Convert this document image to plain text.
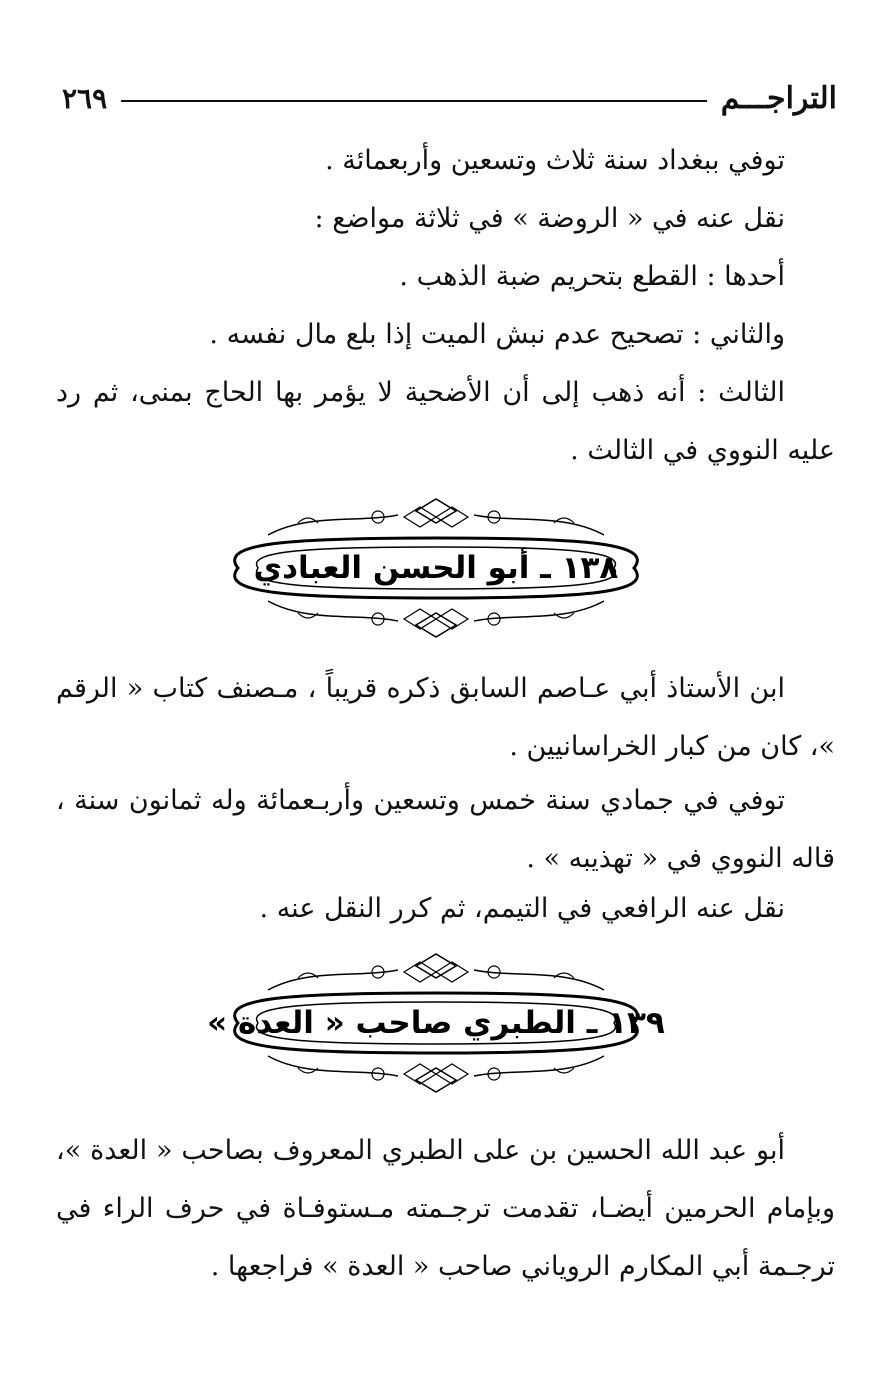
التراجـــم
٢٦٩

توفي ببغداد سنة ثلاث وتسعين وأربعمائة .

نقل عنه في « الروضة » في ثلاثة مواضع :

أحدها : القطع بتحريم ضبة الذهب .

والثاني : تصحيح عدم نبش الميت إذا بلع مال نفسه .

الثالث : أنه ذهب إلى أن الأضحية لا يؤمر بها الحاج بمنى، ثم رد عليه النووي في الثالث .

١٣٨ ـ أبو الحسن العبادي

ابن الأستاذ أبي عـاصم السابق ذكره قريباً ، مـصنف كتاب « الرقم »، كان من كبار الخراسانيين .

توفي في جمادي سنة خمس وتسعين وأربـعمائة وله ثمانون سنة ، قاله النووي في « تهذيبه » .

نقل عنه الرافعي في التيمم، ثم كرر النقل عنه .

١٣٩ ـ الطبري صاحب « العدة »

أبو عبد الله الحسين بن على الطبري المعروف بصاحب « العدة »، وبإمام الحرمين أيضـا، تقدمت ترجـمته مـستوفـاة في حرف الراء في ترجـمة أبي المكارم الروياني صاحب « العدة » فراجعها .
